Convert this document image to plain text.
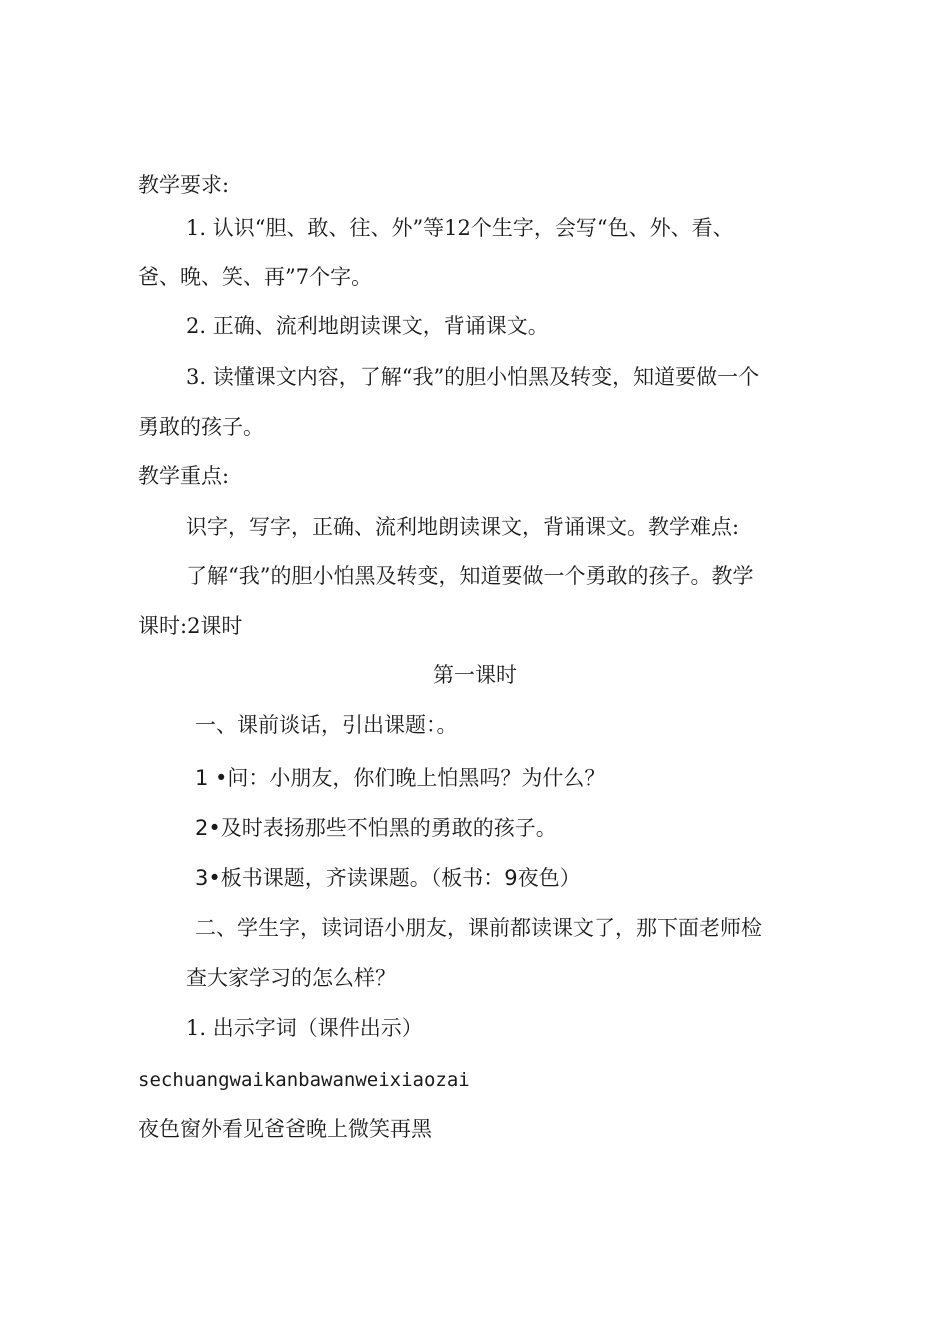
教学要求:
1. 认识“胆、敢、往、外”等12个生字，会写“色、外、看、
爸、晚、笑、再”7个字。
2. 正确、流利地朗读课文，背诵课文。
3. 读懂课文内容，了解“我”的胆小怕黑及转变，知道要做一个
勇敢的孩子。
教学重点:
识字，写字，正确、流利地朗读课文，背诵课文。教学难点:
了解“我”的胆小怕黑及转变，知道要做一个勇敢的孩子。教学
课时:2课时
第一课时
一、课前谈话，引出课题：。
1 •问：小朋友，你们晚上怕黑吗？为什么？
2•及时表扬那些不怕黑的勇敢的孩子。
3•板书课题，齐读课题。（板书：9夜色）
二、学生字，读词语小朋友，课前都读课文了，那下面老师检
查大家学习的怎么样？
1. 出示字词（课件出示）
sechuangwaikanbawanweixiaozai
夜色窗外看见爸爸晚上微笑再黑
